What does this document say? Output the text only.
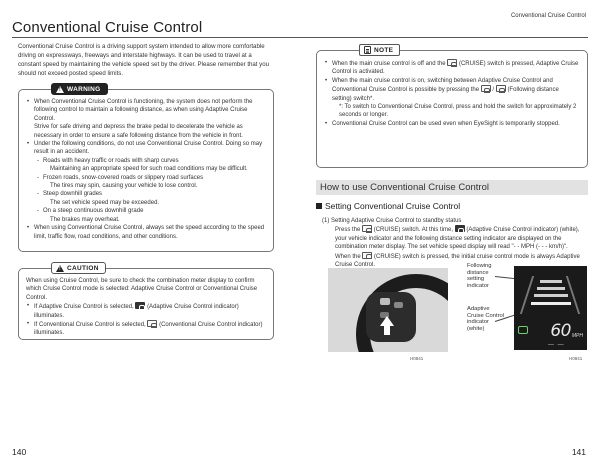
Conventional Cruise Control
Conventional Cruise Control

Conventional Cruise Control is a driving support system intended to allow more comfortable driving on expressways, freeways and interstate highways. It can be used to travel at a constant speed by maintaining the vehicle speed set by the driver. Please remember that you should not exceed posted speed limits.

!
WARNING
• When Conventional Cruise Control is functioning, the system does not perform the following control to maintain a following distance, as when using Adaptive Cruise Control.
Strive for safe driving and depress the brake pedal to decelerate the vehicle as necessary in order to ensure a safe following distance from the vehicle in front.
• Under the following conditions, do not use Conventional Cruise Control. Doing so may result in an accident.
- Roads with heavy traffic or roads with sharp curves
Maintaining an appropriate speed for such road conditions may be difficult.
- Frozen roads, snow-covered roads or slippery road surfaces
The tires may spin, causing your vehicle to lose control.
- Steep downhill grades
The set vehicle speed may be exceeded.
- On a steep continuous downhill grade
The brakes may overheat.
• When using Conventional Cruise Control, always set the speed according to the speed limit, traffic flow, road conditions, and other conditions.
!
CAUTION

When using Cruise Control, be sure to check the combination meter display to confirm which Cruise Control mode is selected: Adaptive Cruise Control or Conventional Cruise Control.

• If Adaptive Cruise Control is selected, (Adaptive Cruise Control indicator) illuminates.
• If Conventional Cruise Control is selected, (Conventional Cruise Control indicator) illuminates.
NOTE
• When the main cruise control is off and the (CRUISE) switch is pressed, Adaptive Cruise Control is activated.
• When the main cruise control is on, switching between Adaptive Cruise Control and Conventional Cruise Control is possible by pressing the  /  (Following distance setting) switch*.
*: To switch to Conventional Cruise Control, press and hold the switch for approximately 2 seconds or longer.
• Conventional Cruise Control can be used even when EyeSight is temporarily stopped.
How to use Conventional Cruise Control
Setting Conventional Cruise Control
(1) Setting Adaptive Cruise Control to standby status
Press the (CRUISE) switch. At this time, (Adaptive Cruise Control indicator) (white), your vehicle indicator and the following distance setting indicator are displayed on the combination meter display. The set vehicle speed display will read "- - MPH (- - - km/h)".
When the (CRUISE) switch is pressed, the initial cruise control mode is always Adaptive Cruise Control.
H0841
Following distance setting indicator
Adaptive Cruise Control indicator (white)	60 MPH
— —
H0841
140	141
